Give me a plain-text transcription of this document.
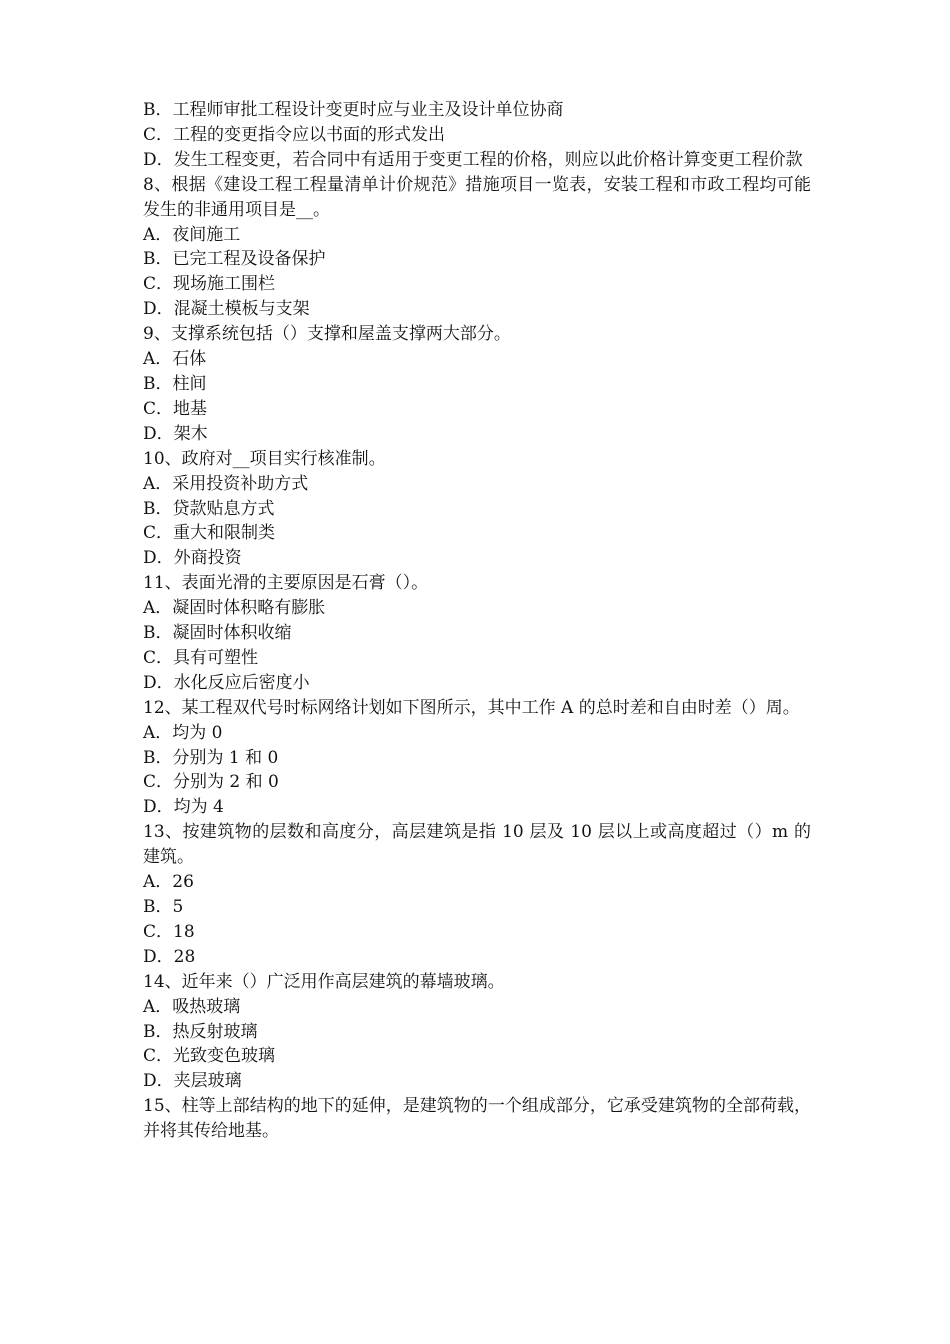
B．工程师审批工程设计变更时应与业主及设计单位协商
C．工程的变更指令应以书面的形式发出
D．发生工程变更，若合同中有适用于变更工程的价格，则应以此价格计算变更工程价款
8、根据《建设工程工程量清单计价规范》措施项目一览表，安装工程和市政工程均可能发生的非通用项目是__。
A．夜间施工
B．已完工程及设备保护
C．现场施工围栏
D．混凝土模板与支架
9、支撑系统包括（）支撑和屋盖支撑两大部分。
A．石体
B．柱间
C．地基
D．架木
10、政府对__项目实行核准制。
A．采用投资补助方式
B．贷款贴息方式
C．重大和限制类
D．外商投资
11、表面光滑的主要原因是石膏（）。
A．凝固时体积略有膨胀
B．凝固时体积收缩
C．具有可塑性
D．水化反应后密度小
12、某工程双代号时标网络计划如下图所示，其中工作 A 的总时差和自由时差（）周。
A．均为 0
B．分别为 1 和 0
C．分别为 2 和 0
D．均为 4
13、按建筑物的层数和高度分，高层建筑是指 10 层及 10 层以上或高度超过（）m 的建筑。
A．26
B．5
C．18
D．28
14、近年来（）广泛用作高层建筑的幕墙玻璃。
A．吸热玻璃
B．热反射玻璃
C．光致变色玻璃
D．夹层玻璃
15、柱等上部结构的地下的延伸，是建筑物的一个组成部分，它承受建筑物的全部荷载，并将其传给地基。
